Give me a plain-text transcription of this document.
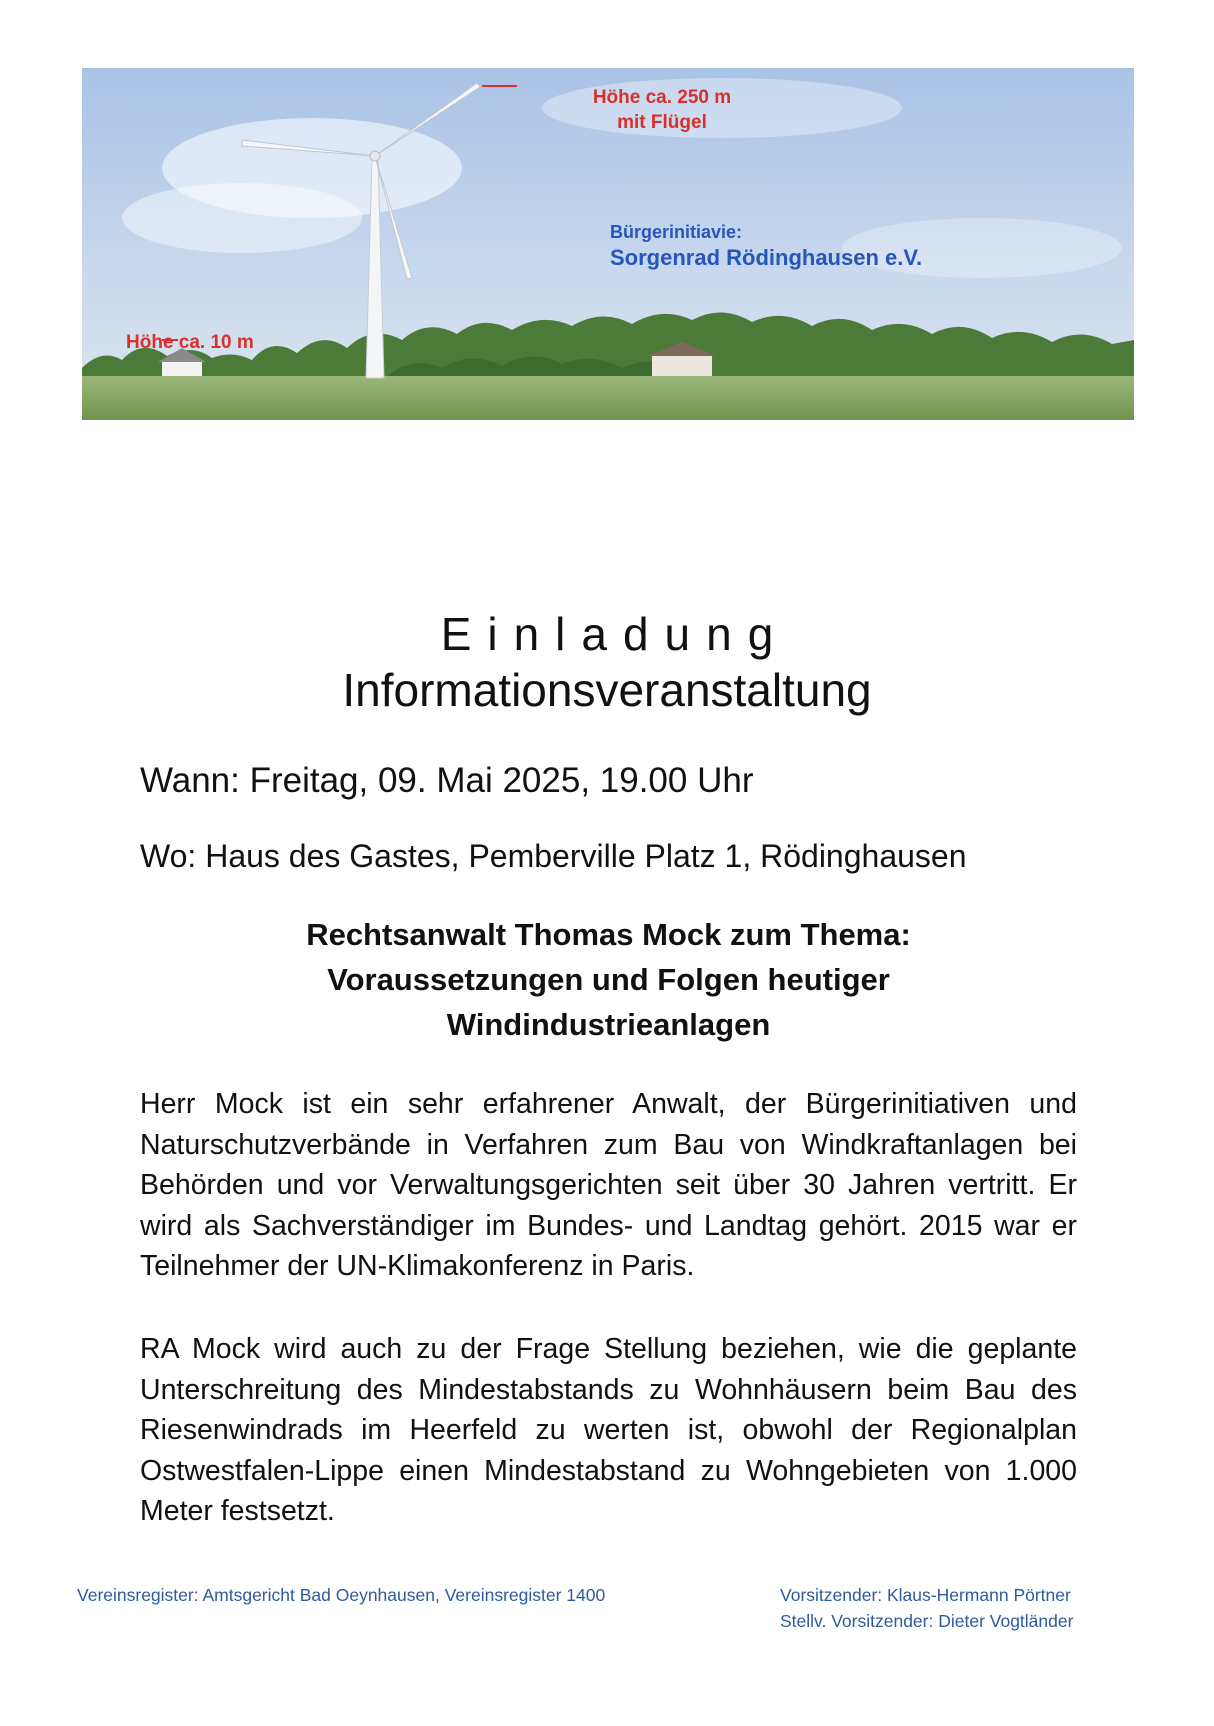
Höhe ca. 250 m
mit Flügel
Bürgerinitiavie:
Sorgenrad Rödinghausen e.V.
Höhe ca. 10 m
Einladung
Informationsveranstaltung
Wann: Freitag, 09. Mai 2025, 19.00 Uhr
Wo: Haus des Gastes, Pemberville Platz 1, Rödinghausen
Rechtsanwalt Thomas Mock zum Thema:
Voraussetzungen und Folgen heutiger
Windindustrieanlagen
Herr Mock ist ein sehr erfahrener Anwalt, der Bürgerinitiativen und Naturschutzverbände in Verfahren zum Bau von Windkraftanlagen bei Behörden und vor Verwaltungsgerichten seit über 30 Jahren vertritt. Er wird als Sachverständiger im Bundes- und Landtag gehört. 2015 war er Teilnehmer der UN-Klimakonferenz in Paris.
RA Mock wird auch zu der Frage Stellung beziehen, wie die geplante Unterschreitung des Mindestabstands zu Wohnhäusern beim Bau des Riesenwindrads im Heerfeld zu werten ist, obwohl der Regionalplan Ostwestfalen-Lippe einen Mindestabstand zu Wohngebieten von 1.000 Meter festsetzt.
Vereinsregister: Amtsgericht Bad Oeynhausen, Vereinsregister 1400	Vorsitzender: Klaus-Hermann Pörtner
Stellv. Vorsitzender: Dieter Vogtländer
